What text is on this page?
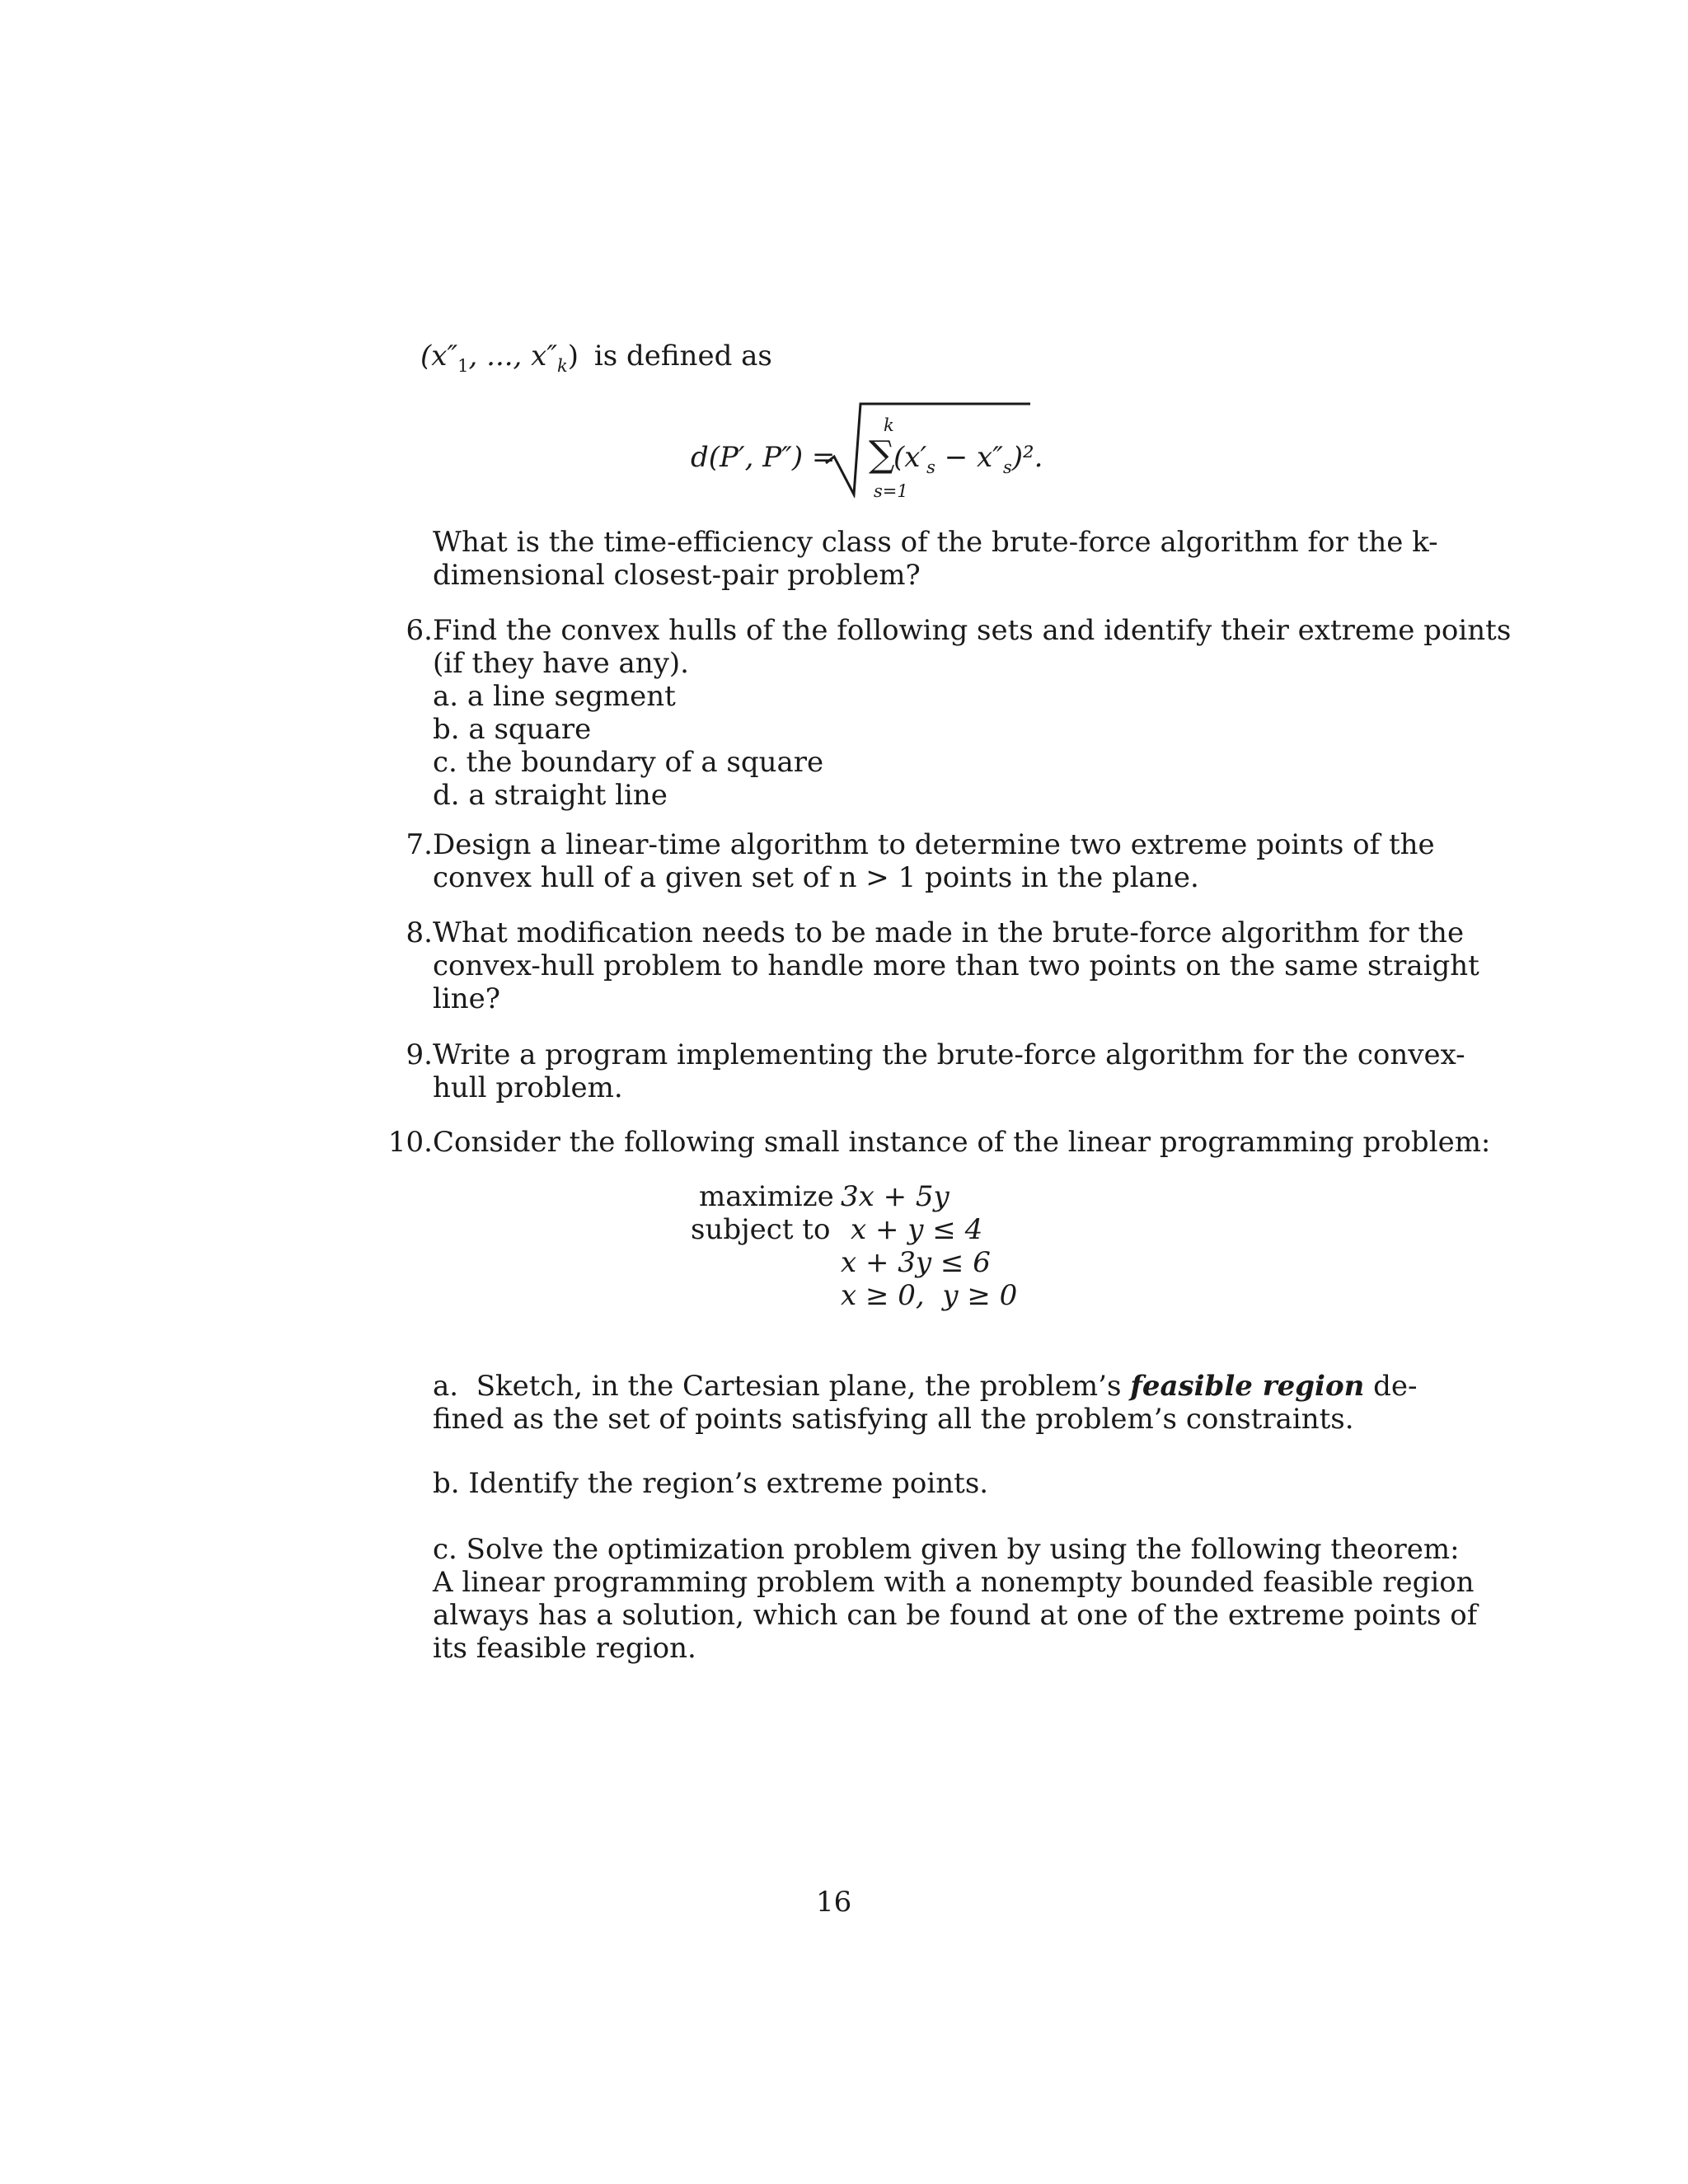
($x''_1$, ..., $x''_k$) is defined as
d(P′, P″) =
k
∑
s=1
$(x'_s - x''_s)^2$.
What is the time-efficiency class of the brute-force algorithm for the k-
dimensional closest-pair problem?
6. Find the convex hulls of the following sets and identify their extreme points
(if they have any).
a. a line segment
b. a square
c. the boundary of a square
d. a straight line
7. Design a linear-time algorithm to determine two extreme points of the
convex hull of a given set of n > 1 points in the plane.
8. What modification needs to be made in the brute-force algorithm for the
convex-hull problem to handle more than two points on the same straight
line?
9. Write a program implementing the brute-force algorithm for the convex-
hull problem.
10. Consider the following small instance of the linear programming problem:
maximize
subject to
3x + 5y
x + y ≤ 4
x + 3y ≤ 6
x ≥ 0,  y ≥ 0
a.  Sketch, in the Cartesian plane, the problem’s feasible region de-
fined as the set of points satisfying all the problem’s constraints.
b. Identify the region’s extreme points.
c. Solve the optimization problem given by using the following theorem:
A linear programming problem with a nonempty bounded feasible region
always has a solution, which can be found at one of the extreme points of
its feasible region.
16
